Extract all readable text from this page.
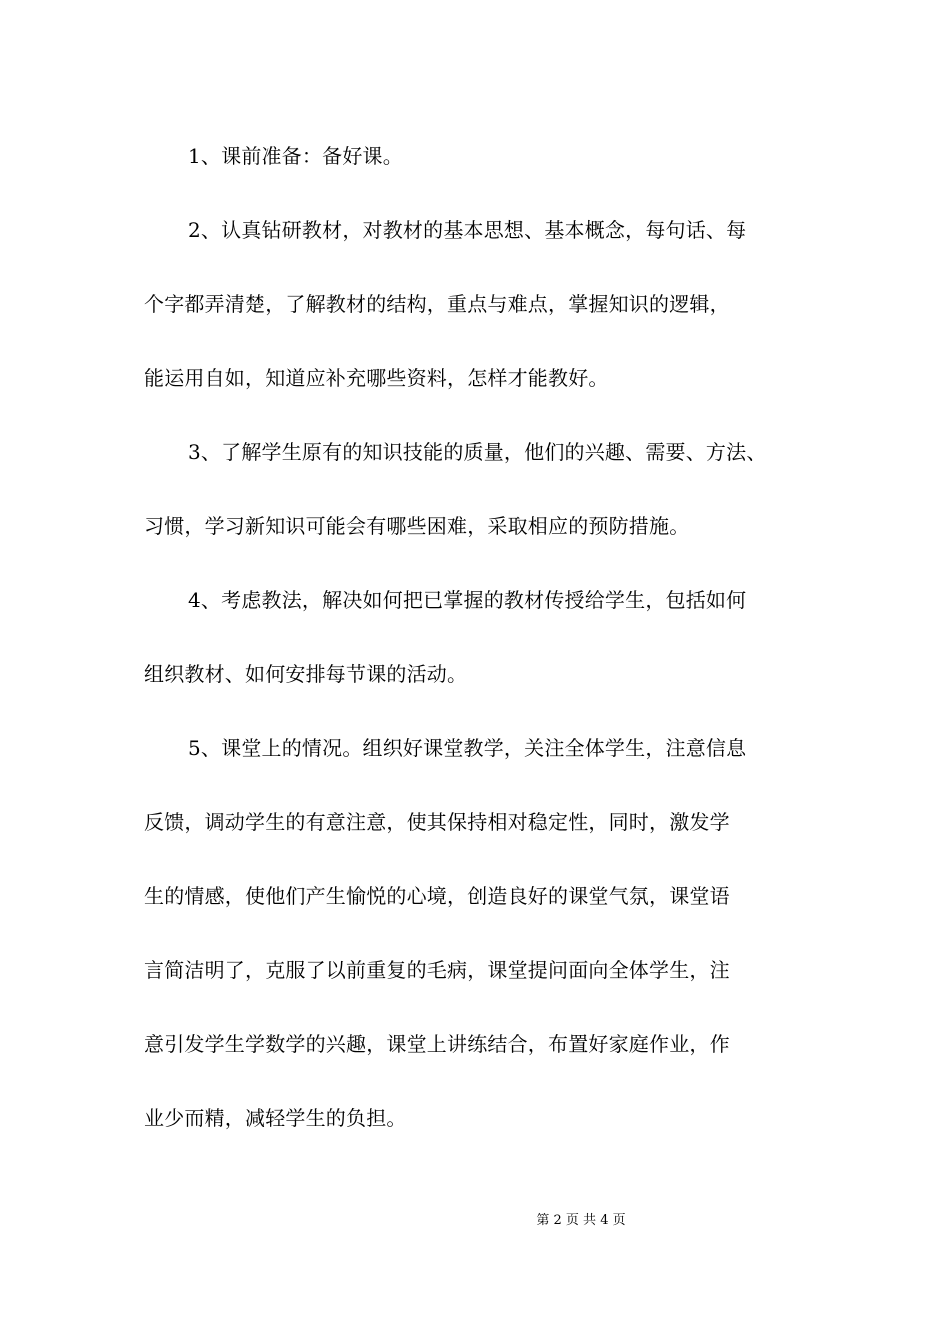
1、课前准备：备好课。
2、认真钻研教材，对教材的基本思想、基本概念，每句话、每
个字都弄清楚，了解教材的结构，重点与难点，掌握知识的逻辑，
能运用自如，知道应补充哪些资料，怎样才能教好。
3、了解学生原有的知识技能的质量，他们的兴趣、需要、方法、
习惯，学习新知识可能会有哪些困难，采取相应的预防措施。
4、考虑教法，解决如何把已掌握的教材传授给学生，包括如何
组织教材、如何安排每节课的活动。
5、课堂上的情况。组织好课堂教学，关注全体学生，注意信息
反馈，调动学生的有意注意，使其保持相对稳定性，同时，激发学
生的情感，使他们产生愉悦的心境，创造良好的课堂气氛，课堂语
言简洁明了，克服了以前重复的毛病，课堂提问面向全体学生，注
意引发学生学数学的兴趣，课堂上讲练结合，布置好家庭作业，作
业少而精，减轻学生的负担。
第 2 页 共 4 页
